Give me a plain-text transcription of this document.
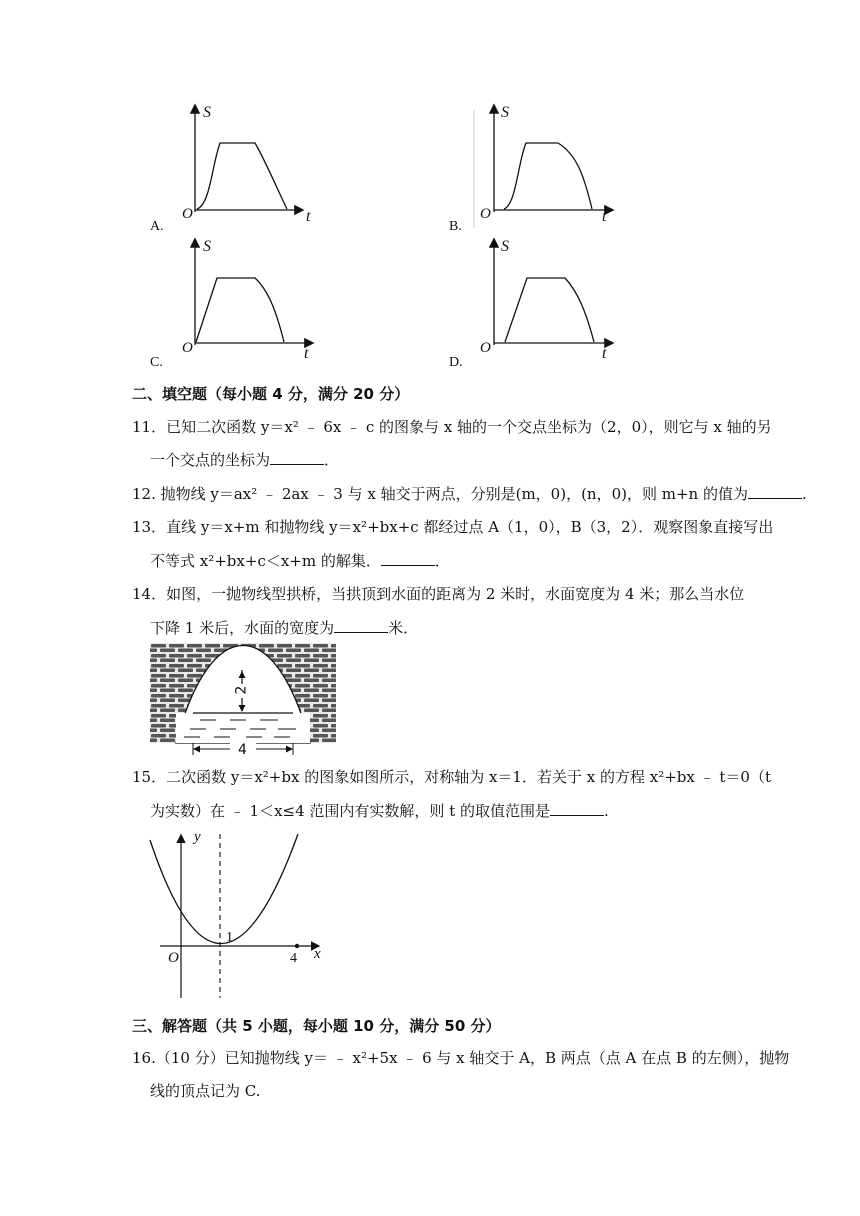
S
O	t
S
O	t
S
O	t
S
O	t
A.	B.
C.	D.
二、填空题（每小题 4 分，满分 20 分）
11．已知二次函数 y＝x² ﹣ 6x ﹣ c 的图象与 x 轴的一个交点坐标为（2，0），则它与 x 轴的另
一个交点的坐标为	．
12. 抛物线 y＝ax² ﹣ 2ax ﹣ 3 与 x 轴交于两点，分别是(m，0)，(n，0)，则 m+n 的值为	.
13．直线 y＝x+m 和抛物线 y＝x²+bx+c 都经过点 A（1，0），B（3，2）．观察图象直接写出
不等式 x²+bx+c＜x+m 的解集．	．
14．如图，一抛物线型拱桥，当拱顶到水面的距离为 2 米时，水面宽度为 4 米；那么当水位
下降 1 米后，水面的宽度为	米．
2
4
15．二次函数 y＝x²+bx 的图象如图所示，对称轴为 x＝1．若关于 x 的方程 x²+bx ﹣ t＝0（t
为实数）在 ﹣ 1＜x≤4 范围内有实数解，则 t 的取值范围是	.
y
x
O
1
4
三、解答题（共 5 小题，每小题 10 分，满分 50 分）
16.（10 分）已知抛物线 y＝ ﹣ x²+5x ﹣ 6 与 x 轴交于 A，B 两点（点 A 在点 B 的左侧），抛物
线的顶点记为 C.
